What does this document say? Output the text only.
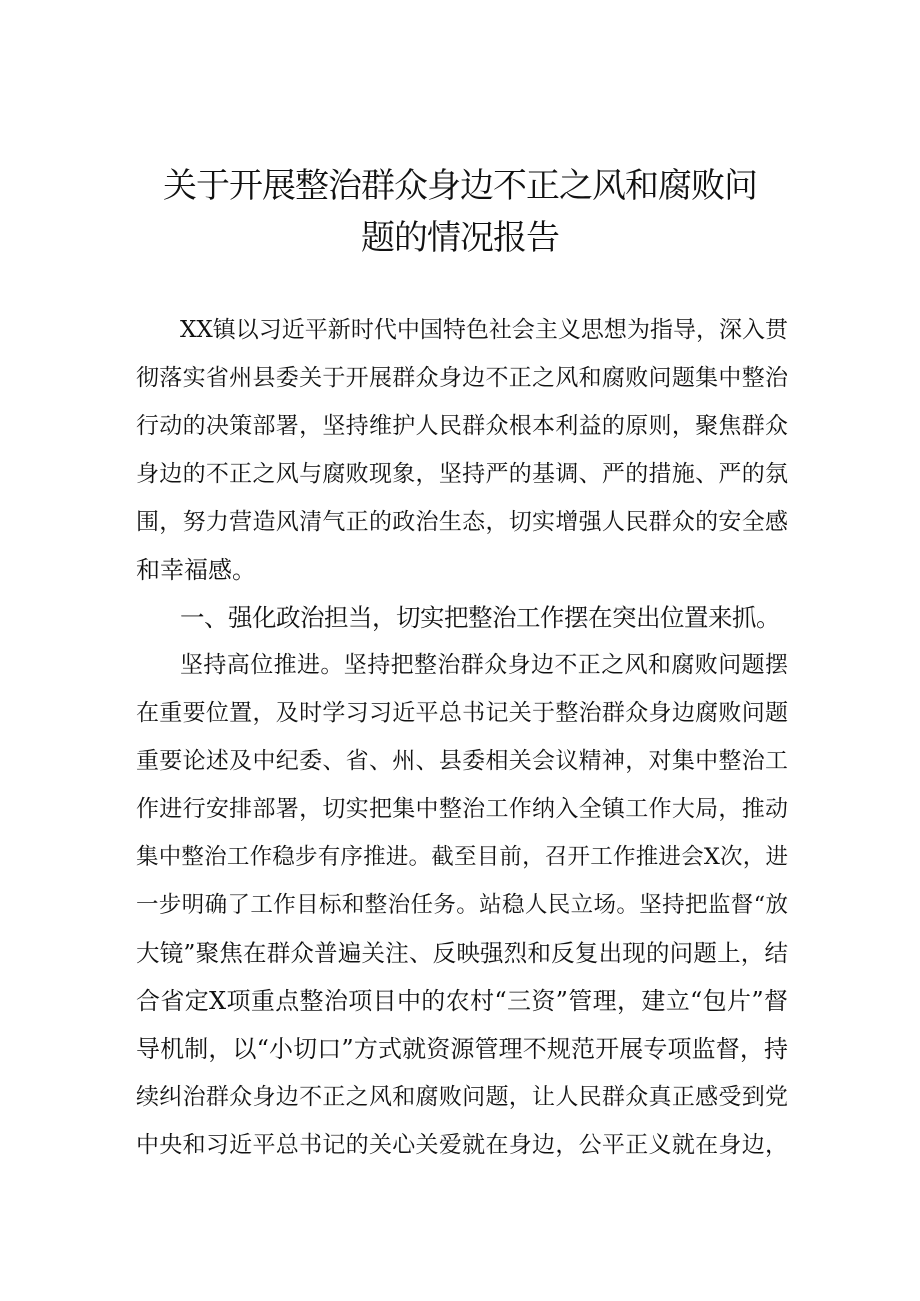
关于开展整治群众身边不正之风和腐败问
题的情况报告
XX镇以习近平新时代中国特色社会主义思想为指导，深入贯
彻落实省州县委关于开展群众身边不正之风和腐败问题集中整治
行动的决策部署，坚持维护人民群众根本利益的原则，聚焦群众
身边的不正之风与腐败现象，坚持严的基调、严的措施、严的氛
围，努力营造风清气正的政治生态，切实增强人民群众的安全感
和幸福感。
一、强化政治担当，切实把整治工作摆在突出位置来抓。
坚持高位推进。坚持把整治群众身边不正之风和腐败问题摆
在重要位置，及时学习习近平总书记关于整治群众身边腐败问题
重要论述及中纪委、省、州、县委相关会议精神，对集中整治工
作进行安排部署，切实把集中整治工作纳入全镇工作大局，推动
集中整治工作稳步有序推进。截至目前，召开工作推进会X次，进
一步明确了工作目标和整治任务。站稳人民立场。坚持把监督“放
大镜”聚焦在群众普遍关注、反映强烈和反复出现的问题上，结
合省定X项重点整治项目中的农村“三资”管理，建立“包片”督
导机制，以“小切口”方式就资源管理不规范开展专项监督，持
续纠治群众身边不正之风和腐败问题，让人民群众真正感受到党
中央和习近平总书记的关心关爱就在身边，公平正义就在身边，
